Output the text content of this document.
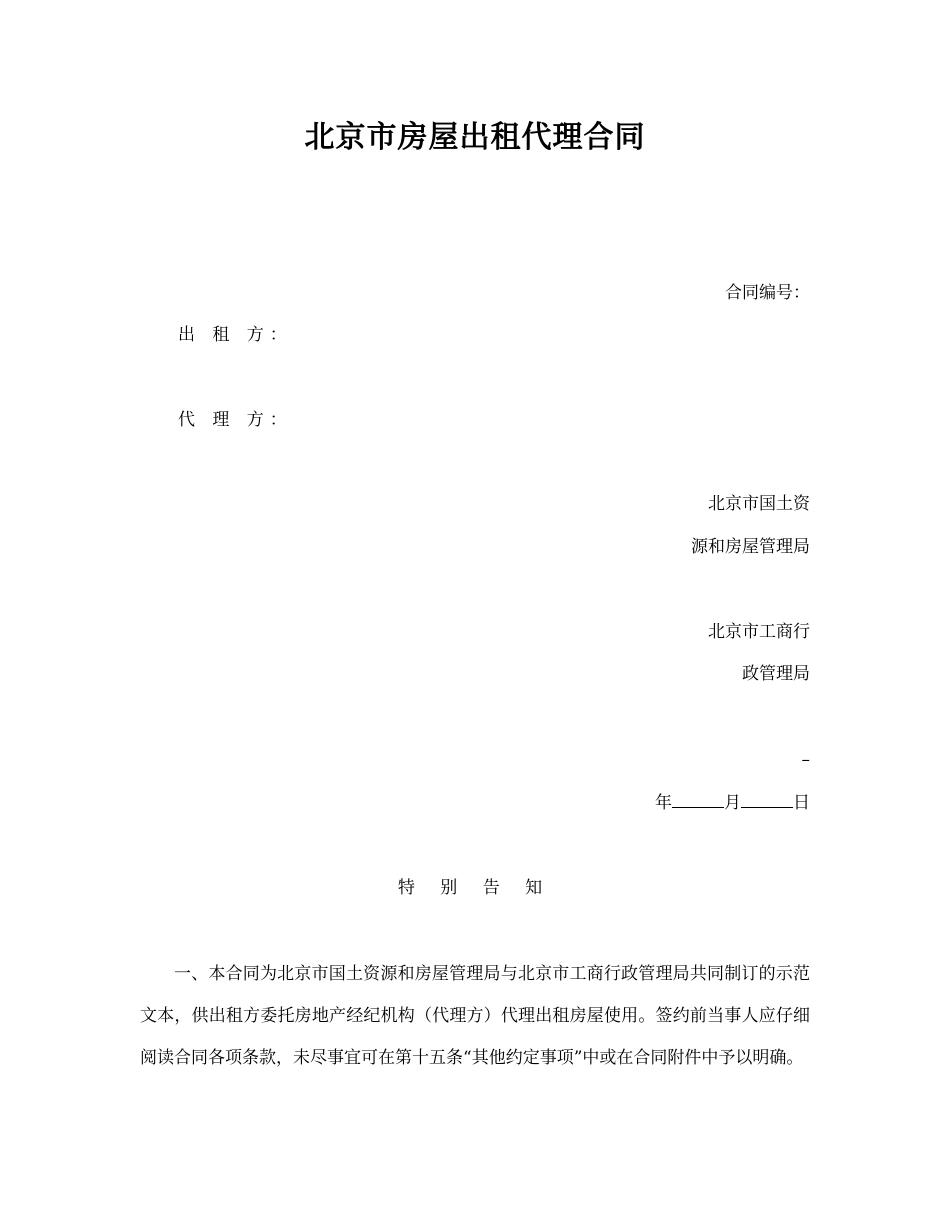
北京市房屋出租代理合同
合同编号：
出 租 方：
代 理 方：
北京市国土资
源和房屋管理局
北京市工商行
政管理局
–
年	月	日
特 别 告 知
一、本合同为北京市国土资源和房屋管理局与北京市工商行政管理局共同制订的示范文本，供出租方委托房地产经纪机构（代理方）代理出租房屋使用。签约前当事人应仔细阅读合同各项条款，未尽事宜可在第十五条“其他约定事项”中或在合同附件中予以明确。
